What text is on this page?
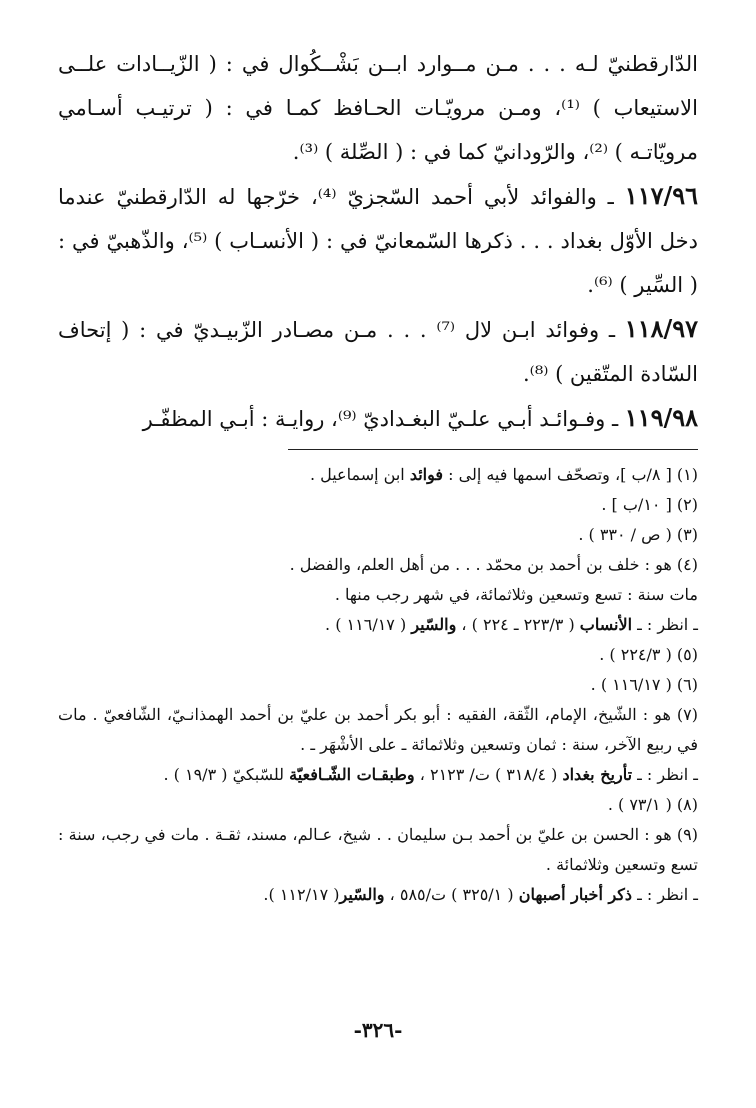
الدّارقطنيّ لـه . . . مـن مــوارد ابــن بَشْــكُوال في : ( الزّيــادات علــى الاستيعاب ) ⁽¹⁾، ومـن مرويّـات الحـافظ كمـا في : ( ترتيـب أسـامي مرويّاتـه ) ⁽²⁾، والرّودانيّ كما في : ( الصِّلة ) ⁽³⁾.

١١٧/٩٦ ـ والفوائد لأبي أحمد السّجزيّ ⁽⁴⁾، خرّجها له الدّارقطنيّ عندما دخل الأوّل بغداد . . . ذكرها السّمعانيّ في : ( الأنسـاب ) ⁽⁵⁾، والذّهبيّ في : ( السِّير ) ⁽⁶⁾.

١١٨/٩٧ ـ وفوائد ابـن لال ⁽⁷⁾ . . . مـن مصـادر الزّبيـديّ في : ( إتحاف السّادة المتّقين ) ⁽⁸⁾.

١١٩/٩٨ ـ وفـوائـد أبـي علـيّ البغـداديّ ⁽⁹⁾، روايـة : أبـي المظفّـر

(١) [ ٨/ب ]، وتصحّف اسمها فيه إلى : فوائد ابن إسماعيل .

(٢) [ ١٠/ب ] .

(٣) ( ص / ٣٣٠ ) .

(٤) هو : خلف بن أحمد بن محمّد . . . من أهل العلم، والفضل .

مات سنة : تسع وتسعين وثلاثمائة، في شهر رجب منها .

ـ انظر : ـ الأنساب ( ٢٢٣/٣ ـ ٢٢٤ ) ، والسّير ( ١١٦/١٧ ) .

(٥) ( ٢٢٤/٣ ) .

(٦) ( ١١٦/١٧ ) .

(٧) هو : الشّيخ، الإمام، الثّقة، الفقيه : أبو بكر أحمد بن عليّ بن أحمد الهمذانـيّ، الشّافعيّ . مات في ربيع الآخر، سنة : ثمان وتسعين وثلاثمائة ـ على الأشْهَر ـ .

ـ انظر : ـ تأريخ بغداد ( ٣١٨/٤ ) ت/ ٢١٢٣ ، وطبقـات الشّـافعيّة للسّبكيّ ( ١٩/٣ ) .

(٨) ( ٧٣/١ ) .

(٩) هو : الحسن بن عليّ بن أحمد بـن سليمان . . شيخ، عـالم، مسند، ثقـة . مات في رجب، سنة : تسع وتسعين وثلاثمائة .

ـ انظر : ـ ذكر أخبار أصبهان ( ٣٢٥/١ ) ت/٥٨٥ ، والسّير( ١١٢/١٧ ).

-٣٢٦-
